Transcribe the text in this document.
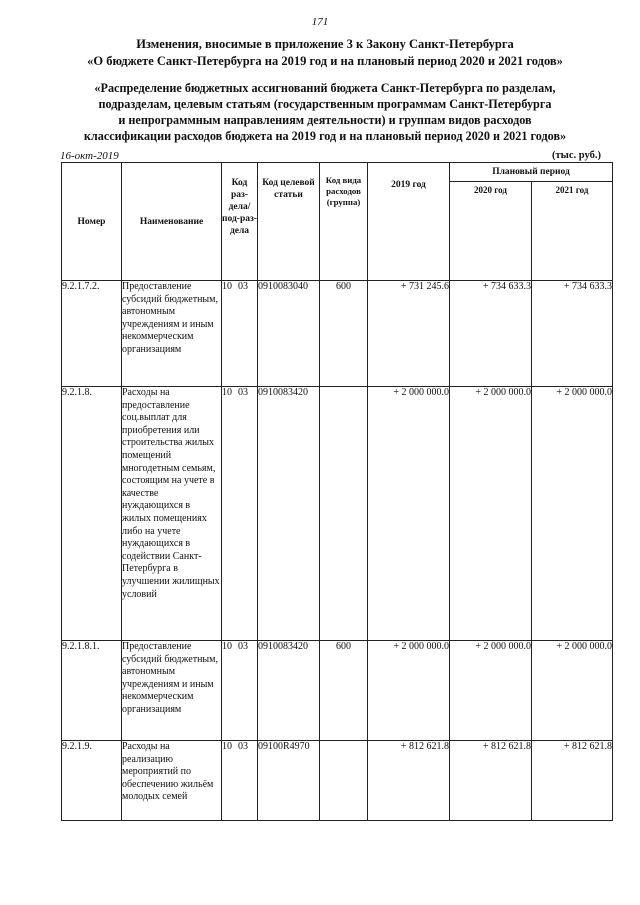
171
Изменения, вносимые в приложение 3 к Закону Санкт-Петербурга
«О бюджете Санкт-Петербурга на 2019 год и на плановый период 2020 и 2021 годов»
«Распределение бюджетных ассигнований бюджета Санкт-Петербурга по разделам,
подразделам, целевым статьям (государственным программам Санкт-Петербурга
и непрограммным направлениям деятельности) и группам видов расходов
классификации расходов бюджета на 2019 год и на плановый период 2020 и 2021 годов»
16-окт-2019	(тыс. руб.)
Номер	Наименование	Код раз-дела/ под-раз-дела	Код целевой статьи	Код вида расходов (группа)	2019 год	Плановый период	
						2020 год	2021 год
9.2.1.7.2.	Предоставление субсидий бюджетным, автономным учреждениям и иным некоммерческим организациям	10 03	0910083040	600	+ 731 245.6	+ 734 633.3	+ 734 633.3
9.2.1.8.	Расходы на предоставление соц.выплат для приобретения или строительства жилых помещений многодетным семьям, состоящим на учете в качестве нуждающихся в жилых помещениях либо на учете нуждающихся в содействии Санкт-Петербурга в улучшении жилищных условий	10 03	0910083420		+ 2 000 000.0	+ 2 000 000.0	+ 2 000 000.0
9.2.1.8.1.	Предоставление субсидий бюджетным, автономным учреждениям и иным некоммерческим организациям	10 03	0910083420	600	+ 2 000 000.0	+ 2 000 000.0	+ 2 000 000.0
9.2.1.9.	Расходы на реализацию мероприятий по обеспечению жильём молодых семей	10 03	09100R4970		+ 812 621.8	+ 812 621.8	+ 812 621.8
